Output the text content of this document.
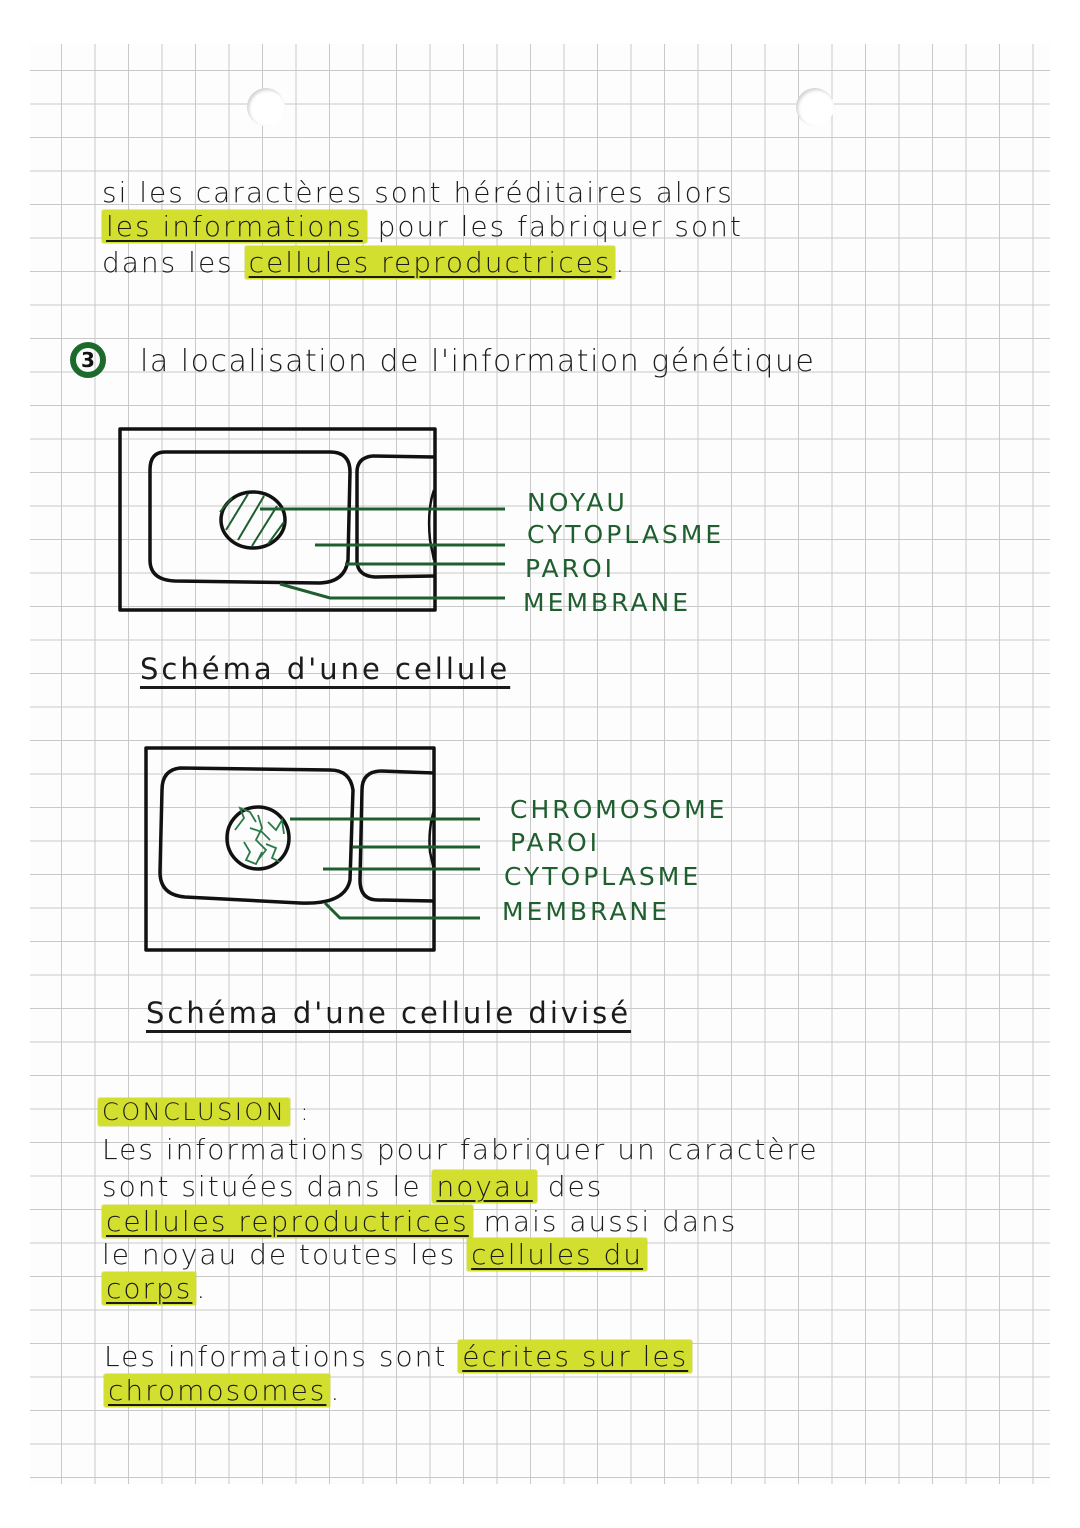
si les caractères sont héréditaires alors
les informations pour les fabriquer sont
dans les cellules reproductrices .
3 la localisation de l'information génétique
NOYAU
CYTOPLASME
PAROI
MEMBRANE
Schéma d'une cellule
CHROMOSOME
PAROI
CYTOPLASME
MEMBRANE
Schéma d'une cellule divisé
CONCLUSION :
Les informations pour fabriquer un caractère
sont situées dans le noyau des
cellules reproductrices mais aussi dans
le noyau de toutes les cellules du
corps .
Les informations sont écrites sur les
chromosomes .
